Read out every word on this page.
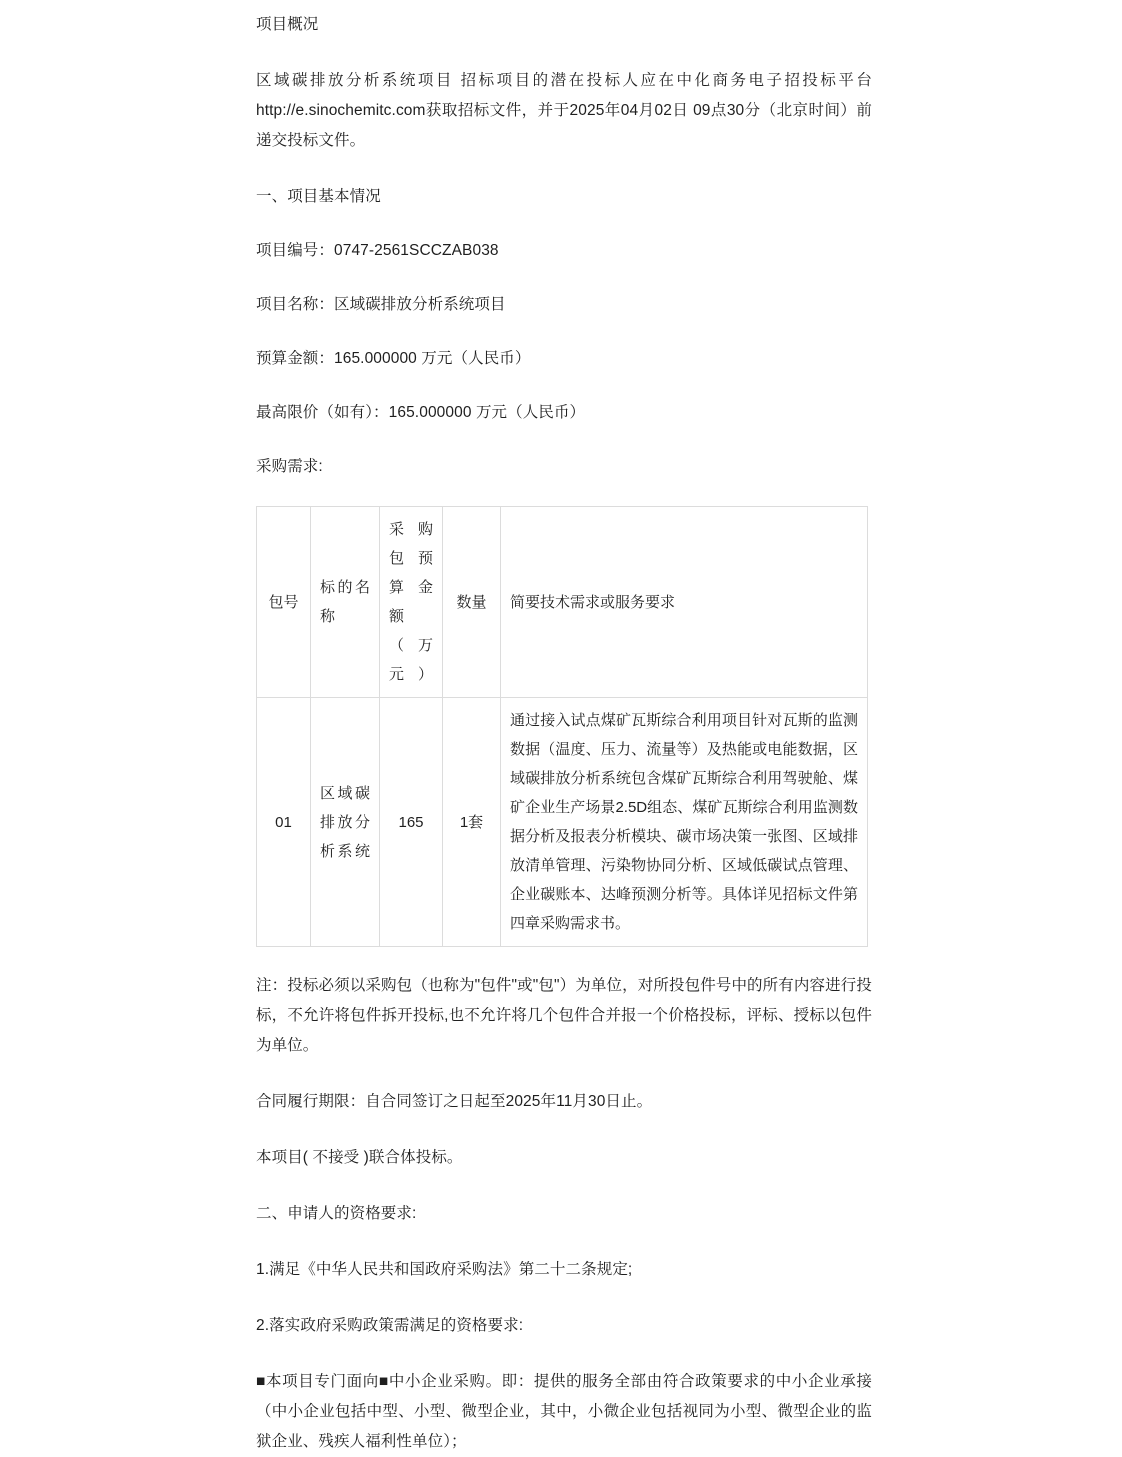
项目概况

区域碳排放分析系统项目 招标项目的潜在投标人应在中化商务电子招投标平台http://e.sinochemitc.com获取招标文件，并于2025年04月02日 09点30分（北京时间）前递交投标文件。

一、项目基本情况

项目编号：0747-2561SCCZAB038

项目名称：区域碳排放分析系统项目

预算金额：165.000000 万元（人民币）

最高限价（如有）：165.000000 万元（人民币）

采购需求:

包号	标的名称	采购包预算金额（万元）	数量	简要技术需求或服务要求
01	区域碳排放分析系统	165	1套	通过接入试点煤矿瓦斯综合利用项目针对瓦斯的监测数据（温度、压力、流量等）及热能或电能数据，区域碳排放分析系统包含煤矿瓦斯综合利用驾驶舱、煤矿企业生产场景2.5D组态、煤矿瓦斯综合利用监测数据分析及报表分析模块、碳市场决策一张图、区域排放清单管理、污染物协同分析、区域低碳试点管理、企业碳账本、达峰预测分析等。具体详见招标文件第四章采购需求书。

注：投标必须以采购包（也称为"包件"或"包"）为单位，对所投包件号中的所有内容进行投标，不允许将包件拆开投标,也不允许将几个包件合并报一个价格投标，评标、授标以包件为单位。

合同履行期限：自合同签订之日起至2025年11月30日止。

本项目( 不接受 )联合体投标。

二、申请人的资格要求:

1.满足《中华人民共和国政府采购法》第二十二条规定;

2.落实政府采购政策需满足的资格要求:

■本项目专门面向■中小企业采购。即：提供的服务全部由符合政策要求的中小企业承接（中小企业包括中型、小型、微型企业，其中，小微企业包括视同为小型、微型企业的监狱企业、残疾人福利性单位）；
